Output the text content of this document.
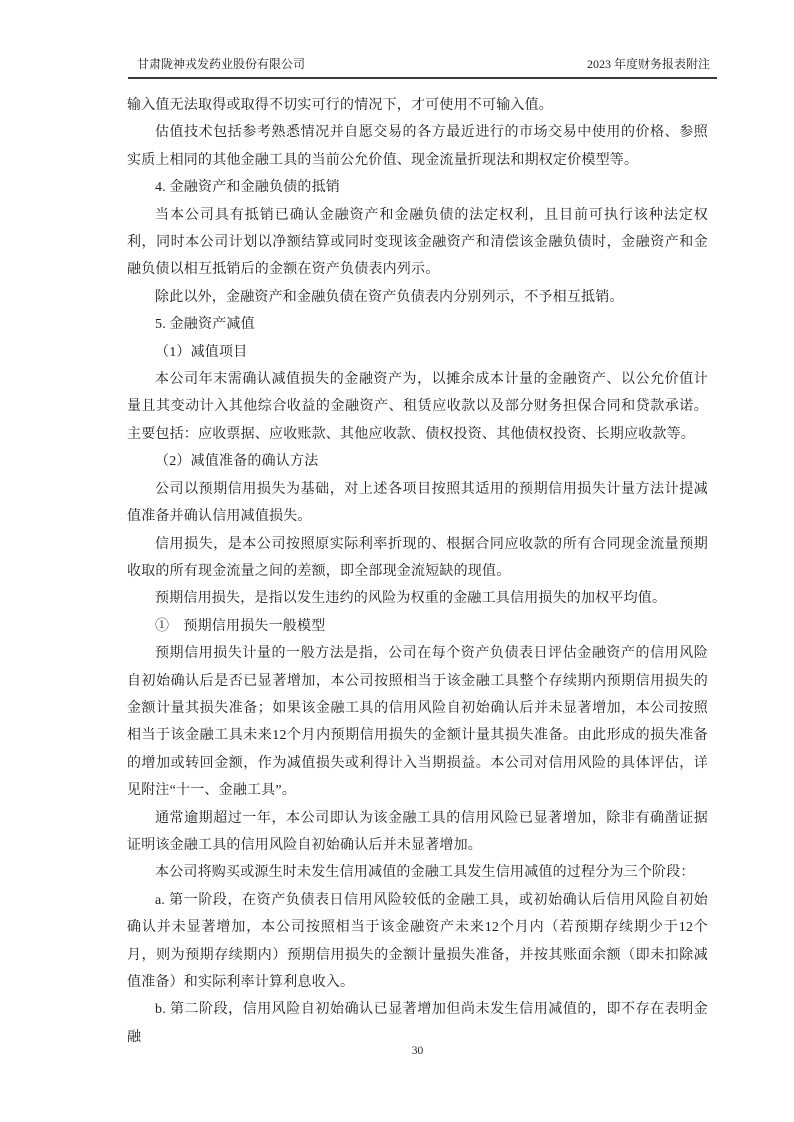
甘肃陇神戎发药业股份有限公司	2023 年度财务报表附注

输入值无法取得或取得不切实可行的情况下，才可使用不可输入值。

估值技术包括参考熟悉情况并自愿交易的各方最近进行的市场交易中使用的价格、参照实质上相同的其他金融工具的当前公允价值、现金流量折现法和期权定价模型等。

4. 金融资产和金融负债的抵销

当本公司具有抵销已确认金融资产和金融负债的法定权利，且目前可执行该种法定权利，同时本公司计划以净额结算或同时变现该金融资产和清偿该金融负债时，金融资产和金融负债以相互抵销后的金额在资产负债表内列示。

除此以外，金融资产和金融负债在资产负债表内分别列示，不予相互抵销。

5. 金融资产减值

（1）减值项目

本公司年末需确认减值损失的金融资产为，以摊余成本计量的金融资产、以公允价值计量且其变动计入其他综合收益的金融资产、租赁应收款以及部分财务担保合同和贷款承诺。主要包括：应收票据、应收账款、其他应收款、债权投资、其他债权投资、长期应收款等。

（2）减值准备的确认方法

公司以预期信用损失为基础，对上述各项目按照其适用的预期信用损失计量方法计提减值准备并确认信用减值损失。

信用损失，是本公司按照原实际利率折现的、根据合同应收款的所有合同现金流量预期收取的所有现金流量之间的差额，即全部现金流短缺的现值。

预期信用损失，是指以发生违约的风险为权重的金融工具信用损失的加权平均值。

①　预期信用损失一般模型

预期信用损失计量的一般方法是指，公司在每个资产负债表日评估金融资产的信用风险自初始确认后是否已显著增加，本公司按照相当于该金融工具整个存续期内预期信用损失的金额计量其损失准备；如果该金融工具的信用风险自初始确认后并未显著增加，本公司按照相当于该金融工具未来12个月内预期信用损失的金额计量其损失准备。由此形成的损失准备的增加或转回金额，作为减值损失或利得计入当期损益。本公司对信用风险的具体评估，详见附注“十一、金融工具”。

通常逾期超过一年，本公司即认为该金融工具的信用风险已显著增加，除非有确凿证据证明该金融工具的信用风险自初始确认后并未显著增加。

本公司将购买或源生时未发生信用减值的金融工具发生信用减值的过程分为三个阶段：

a. 第一阶段，在资产负债表日信用风险较低的金融工具，或初始确认后信用风险自初始确认并未显著增加，本公司按照相当于该金融资产未来12个月内（若预期存续期少于12个月，则为预期存续期内）预期信用损失的金额计量损失准备，并按其账面余额（即未扣除减值准备）和实际利率计算利息收入。

b. 第二阶段，信用风险自初始确认已显著增加但尚未发生信用减值的，即不存在表明金融

30
